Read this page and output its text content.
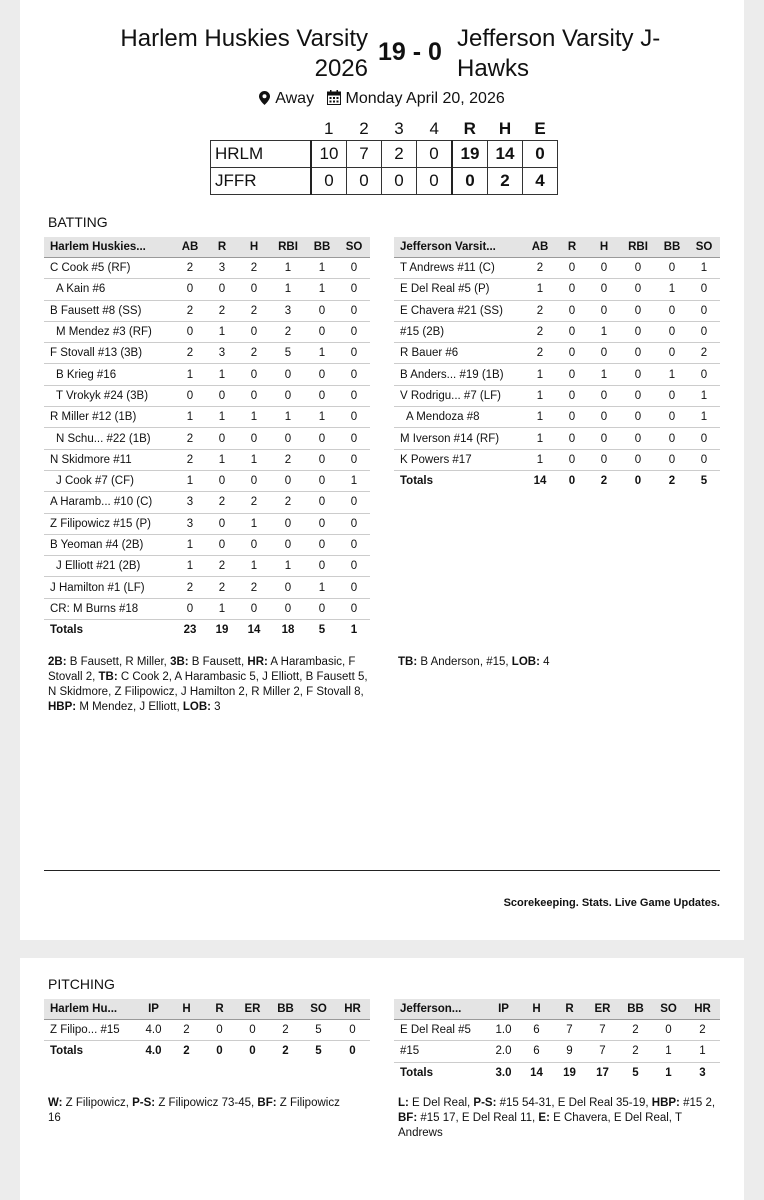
Harlem Huskies Varsity 2026
19 - 0 Jefferson Varsity J-Hawks
Away Monday April 20, 2026
	1	2	3	4	R	H	E
HRLM	10	7	2	0	19	14	0
JFFR	0	0	0	0	0	2	4
BATTING
Harlem Huskies...	AB	R	H	RBI	BB	SO
C Cook #5 (RF)	2	3	2	1	1	0
A Kain #6	0	0	0	1	1	0
B Fausett #8 (SS)	2	2	2	3	0	0
M Mendez #3 (RF)	0	1	0	2	0	0
F Stovall #13 (3B)	2	3	2	5	1	0
B Krieg #16	1	1	0	0	0	0
T Vrokyk #24 (3B)	0	0	0	0	0	0
R Miller #12 (1B)	1	1	1	1	1	0
N Schu... #22 (1B)	2	0	0	0	0	0
N Skidmore #11	2	1	1	2	0	0
J Cook #7 (CF)	1	0	0	0	0	1
A Haramb... #10 (C)	3	2	2	2	0	0
Z Filipowicz #15 (P)	3	0	1	0	0	0
B Yeoman #4 (2B)	1	0	0	0	0	0
J Elliott #21 (2B)	1	2	1	1	0	0
J Hamilton #1 (LF)	2	2	2	0	1	0
CR: M Burns #18	0	1	0	0	0	0
Totals	23	19	14	18	5	1
Jefferson Varsit...	AB	R	H	RBI	BB	SO
T Andrews #11 (C)	2	0	0	0	0	1
E Del Real #5 (P)	1	0	0	0	1	0
E Chavera #21 (SS)	2	0	0	0	0	0
#15 (2B)	2	0	1	0	0	0
R Bauer #6	2	0	0	0	0	2
B Anders... #19 (1B)	1	0	1	0	1	0
V Rodrigu... #7 (LF)	1	0	0	0	0	1
A Mendoza #8	1	0	0	0	0	1
M Iverson #14 (RF)	1	0	0	0	0	0
K Powers #17	1	0	0	0	0	0
Totals	14	0	2	0	2	5
2B: B Fausett, R Miller, 3B: B Fausett, HR: A Harambasic, F Stovall 2, TB: C Cook 2, A Harambasic 5, J Elliott, B Fausett 5, N Skidmore, Z Filipowicz, J Hamilton 2, R Miller 2, F Stovall 8, HBP: M Mendez, J Elliott, LOB: 3
TB: B Anderson, #15, LOB: 4
Scorekeeping. Stats. Live Game Updates.
PITCHING
Harlem Hu...	IP	H	R	ER	BB	SO	HR
Z Filipo... #15	4.0	2	0	0	2	5	0
Totals	4.0	2	0	0	2	5	0
Jefferson...	IP	H	R	ER	BB	SO	HR
E Del Real #5	1.0	6	7	7	2	0	2
#15	2.0	6	9	7	2	1	1
Totals	3.0	14	19	17	5	1	3
W: Z Filipowicz, P-S: Z Filipowicz 73-45, BF: Z Filipowicz 16
L: E Del Real, P-S: #15 54-31, E Del Real 35-19, HBP: #15 2, BF: #15 17, E Del Real 11, E: E Chavera, E Del Real, T Andrews
